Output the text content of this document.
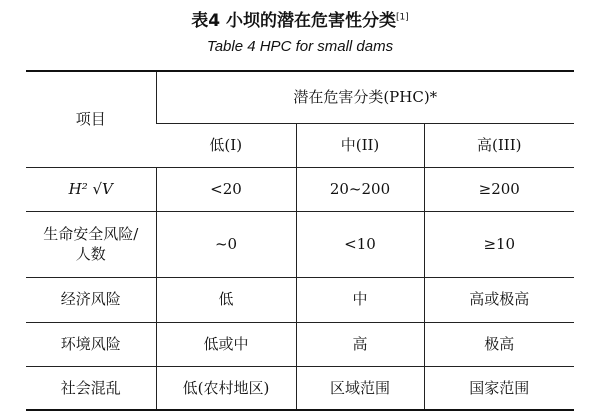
表4 小坝的潜在危害性分类[1]
Table 4 HPC for small dams
项目	潜在危害分类(PHC)*		
	低(I)	中(II)	高(III)
H² √V	<20	20~200	≥200
生命安全风险/人数	~0	<10	≥10
经济风险	低	中	高或极高
环境风险	低或中	高	极高
社会混乱	低(农村地区)	区域范围	国家范围
